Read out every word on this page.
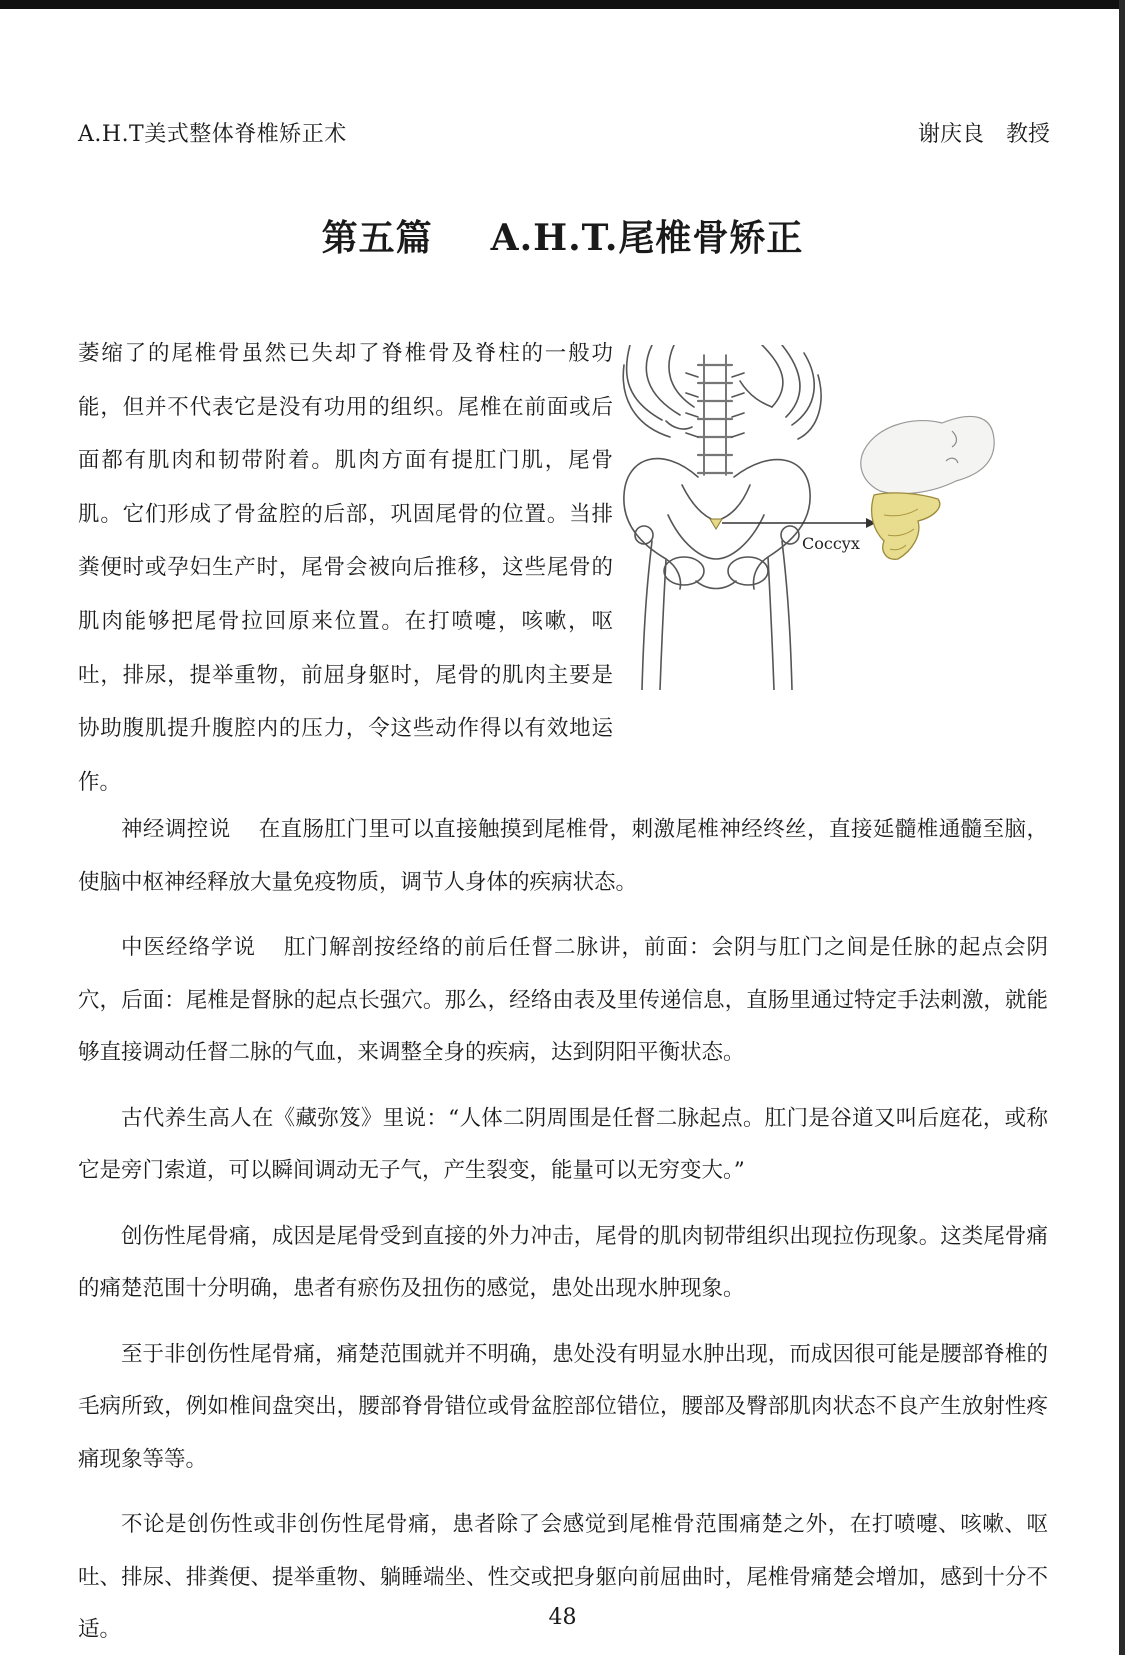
A.H.T美式整体脊椎矫正术	谢庆良　教授
第五篇 A.H.T.尾椎骨矫正

萎缩了的尾椎骨虽然已失却了脊椎骨及脊柱的一般功能，但并不代表它是没有功用的组织。尾椎在前面或后面都有肌肉和韧带附着。肌肉方面有提肛门肌，尾骨肌。它们形成了骨盆腔的后部，巩固尾骨的位置。当排粪便时或孕妇生产时，尾骨会被向后推移，这些尾骨的肌肉能够把尾骨拉回原来位置。在打喷嚏，咳嗽，呕吐，排尿，提举重物，前屈身躯时，尾骨的肌肉主要是协助腹肌提升腹腔内的压力，令这些动作得以有效地运作。

Coccyx

神经调控说 在直肠肛门里可以直接触摸到尾椎骨，刺激尾椎神经终丝，直接延髓椎通髓至脑，使脑中枢神经释放大量免疫物质，调节人身体的疾病状态。

中医经络学说 肛门解剖按经络的前后任督二脉讲，前面：会阴与肛门之间是任脉的起点会阴穴，后面：尾椎是督脉的起点长强穴。那么，经络由表及里传递信息，直肠里通过特定手法刺激，就能够直接调动任督二脉的气血，来调整全身的疾病，达到阴阳平衡状态。

古代养生高人在《藏弥笈》里说：“人体二阴周围是任督二脉起点。肛门是谷道又叫后庭花，或称它是旁门索道，可以瞬间调动无子气，产生裂变，能量可以无穷变大。”

创伤性尾骨痛，成因是尾骨受到直接的外力冲击，尾骨的肌肉韧带组织出现拉伤现象。这类尾骨痛的痛楚范围十分明确，患者有瘀伤及扭伤的感觉，患处出现水肿现象。

至于非创伤性尾骨痛，痛楚范围就并不明确，患处没有明显水肿出现，而成因很可能是腰部脊椎的毛病所致，例如椎间盘突出，腰部脊骨错位或骨盆腔部位错位，腰部及臀部肌肉状态不良产生放射性疼痛现象等等。

不论是创伤性或非创伤性尾骨痛，患者除了会感觉到尾椎骨范围痛楚之外，在打喷嚏、咳嗽、呕吐、排尿、排粪便、提举重物、躺睡端坐、性交或把身躯向前屈曲时，尾椎骨痛楚会增加，感到十分不适。	48
